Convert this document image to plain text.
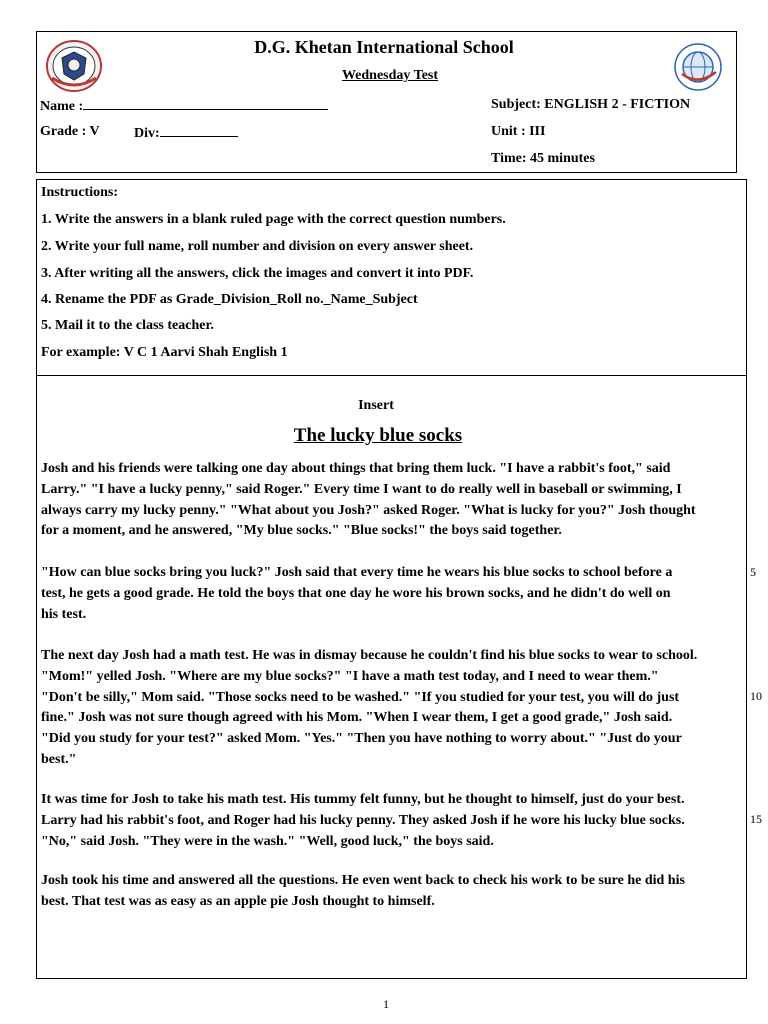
D.G. Khetan International School
Wednesday Test
Name :
Grade : V Div:
Subject: ENGLISH 2 - FICTION
Unit : III
Time: 45 minutes
Instructions:
1. Write the answers in a blank ruled page with the correct question numbers.
2. Write your full name, roll number and division on every answer sheet.
3. After writing all the answers, click the images and convert it into PDF.
4. Rename the PDF as Grade_Division_Roll no._Name_Subject
5. Mail it to the class teacher.
For example: V C 1 Aarvi Shah English 1
Insert
The lucky blue socks
Josh and his friends were talking one day about things that bring them luck. "I have a rabbit's foot," said
Larry." "I have a lucky penny," said Roger." Every time I want to do really well in baseball or swimming, I
always carry my lucky penny." "What about you Josh?" asked Roger. "What is lucky for you?" Josh thought
for a moment, and he answered, "My blue socks." "Blue socks!" the boys said together.
"How can blue socks bring you luck?" Josh said that every time he wears his blue socks to school before a
test, he gets a good grade. He told the boys that one day he wore his brown socks, and he didn't do well on
his test.
The next day Josh had a math test. He was in dismay because he couldn't find his blue socks to wear to school.
"Mom!" yelled Josh. "Where are my blue socks?" "I have a math test today, and I need to wear them."
"Don't be silly," Mom said. "Those socks need to be washed." "If you studied for your test, you will do just
fine." Josh was not sure though agreed with his Mom. "When I wear them, I get a good grade," Josh said.
"Did you study for your test?" asked Mom. "Yes." "Then you have nothing to worry about." "Just do your
best."
It was time for Josh to take his math test. His tummy felt funny, but he thought to himself, just do your best.
Larry had his rabbit's foot, and Roger had his lucky penny. They asked Josh if he wore his lucky blue socks.
"No," said Josh. "They were in the wash." "Well, good luck," the boys said.
Josh took his time and answered all the questions. He even went back to check his work to be sure he did his
best. That test was as easy as an apple pie Josh thought to himself.
5
10
15
1
